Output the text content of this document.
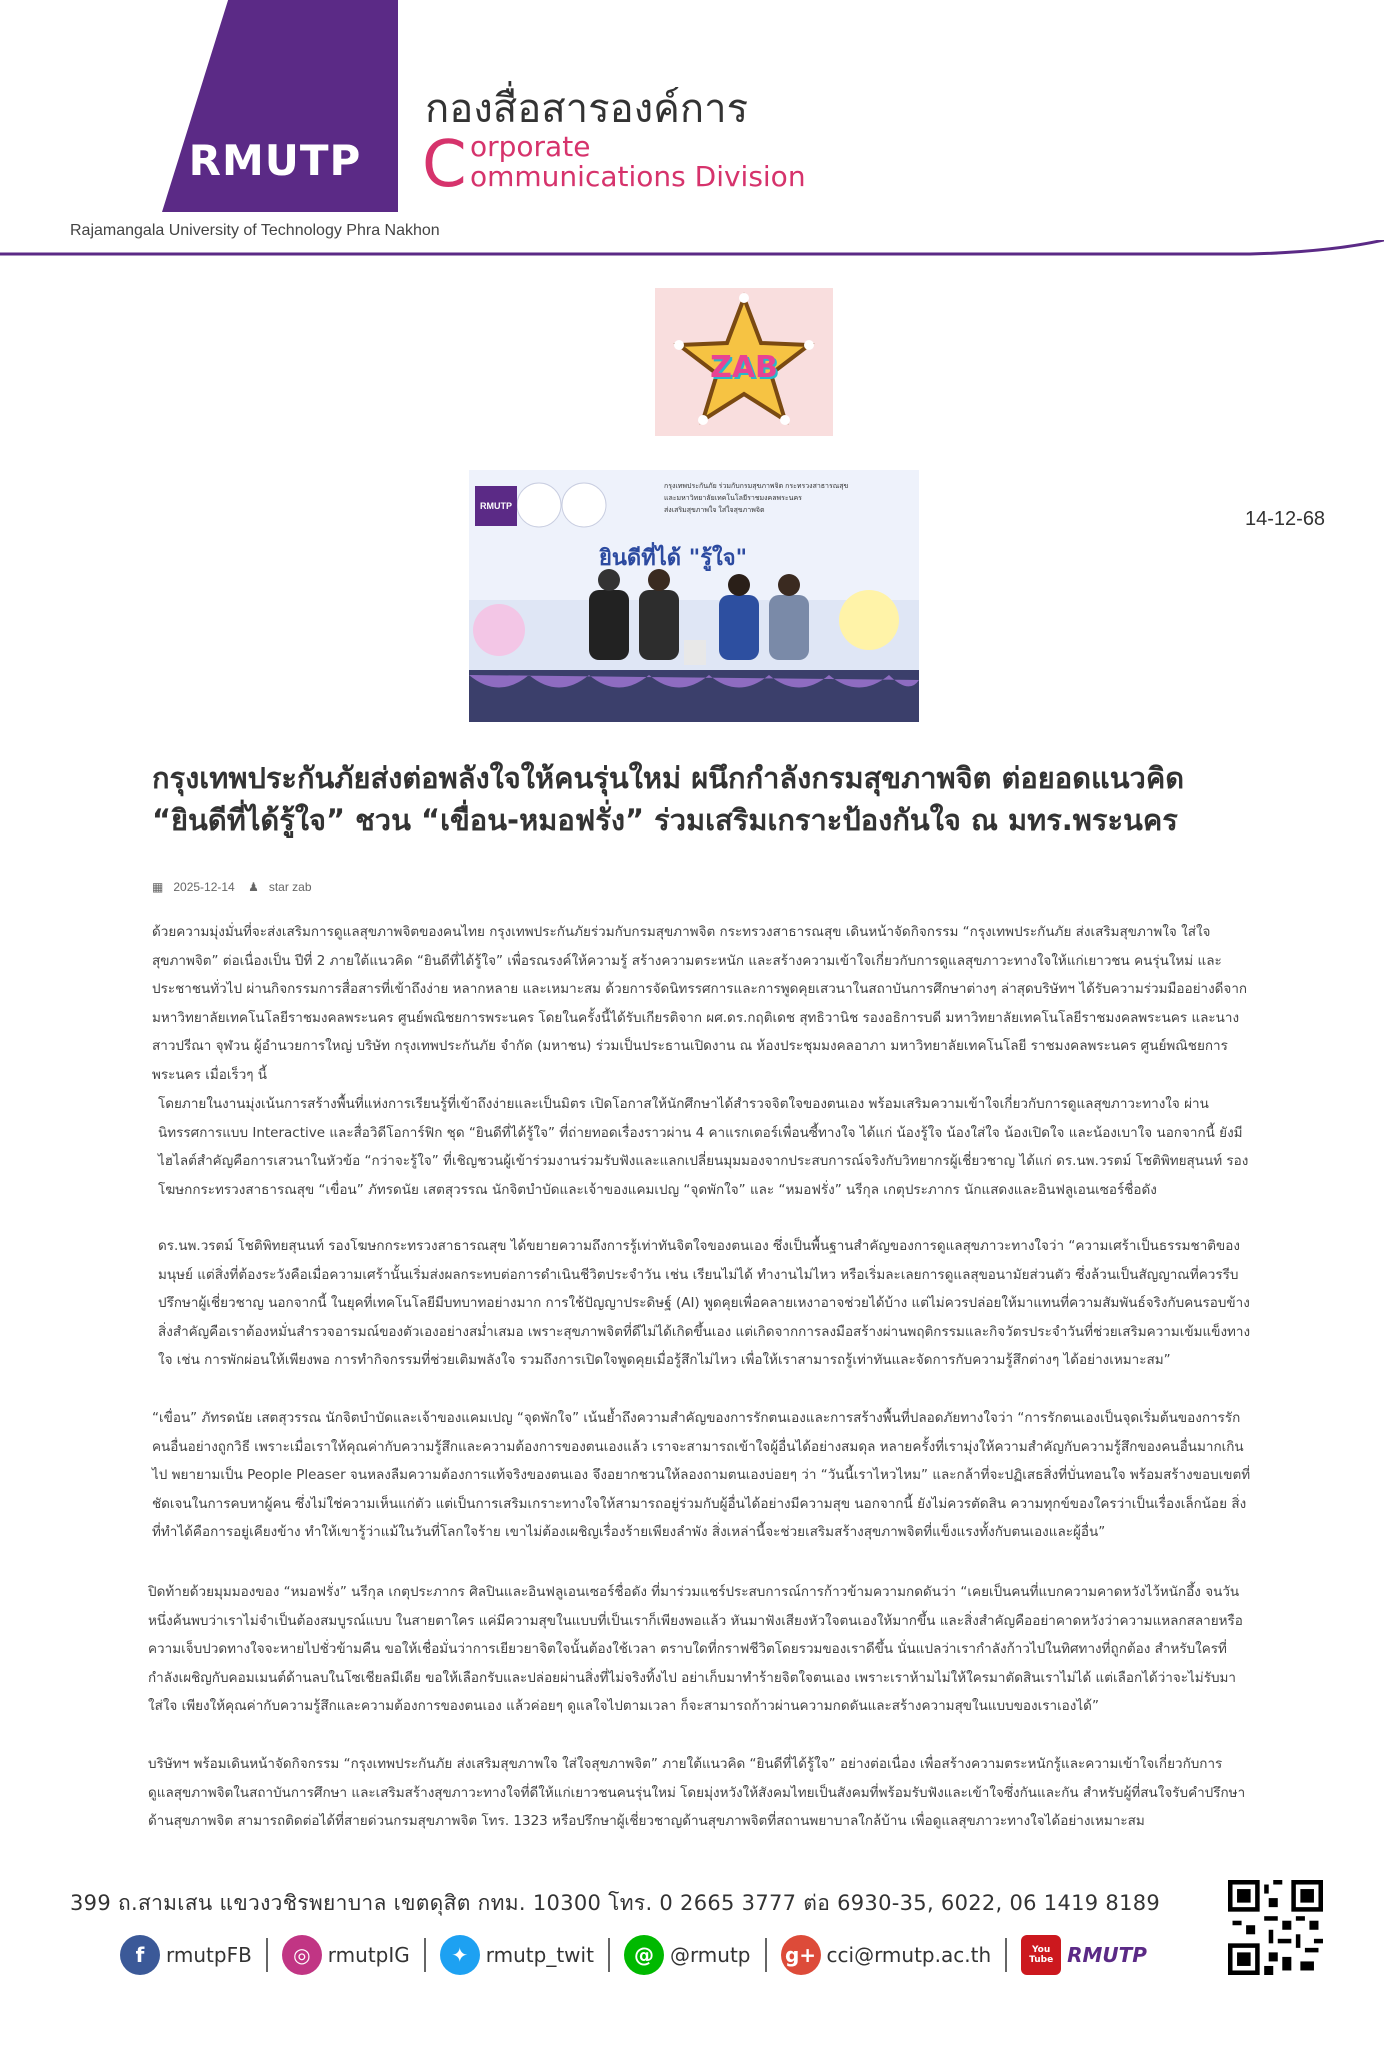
RMUTP
กองสื่อสารองค์การ
C orporate
ommunications Division
Rajamangala University of Technology Phra Nakhon
ZAB
14-12-68
RMUTP
กรุงเทพประกันภัย ร่วมกับกรมสุขภาพจิต กระทรวงสาธารณสุข
และมหาวิทยาลัยเทคโนโลยีราชมงคลพระนคร
ส่งเสริมสุขภาพใจ ใส่ใจสุขภาพจิต
ยินดีที่ได้ "รู้ใจ"
กรุงเทพประกันภัยส่งต่อพลังใจให้คนรุ่นใหม่ ผนึกกำลังกรมสุขภาพจิต ต่อยอดแนวคิด “ยินดีที่ได้รู้ใจ” ชวน “เขื่อน-หมอฟรั่ง” ร่วมเสริมเกราะป้องกันใจ ณ มทร.พระนคร
▦ 2025-12-14 ♟ star zab
ด้วยความมุ่งมั่นที่จะส่งเสริมการดูแลสุขภาพจิตของคนไทย กรุงเทพประกันภัยร่วมกับกรมสุขภาพจิต กระทรวงสาธารณสุข เดินหน้าจัดกิจกรรม “กรุงเทพประกันภัย ส่งเสริมสุขภาพใจ ใส่ใจสุขภาพจิต” ต่อเนื่องเป็น ปีที่ 2 ภายใต้แนวคิด “ยินดีที่ได้รู้ใจ” เพื่อรณรงค์ให้ความรู้ สร้างความตระหนัก และสร้างความเข้าใจเกี่ยวกับการดูแลสุขภาวะทางใจให้แก่เยาวชน คนรุ่นใหม่ และประชาชนทั่วไป ผ่านกิจกรรมการสื่อสารที่เข้าถึงง่าย หลากหลาย และเหมาะสม ด้วยการจัดนิทรรศการและการพูดคุยเสวนาในสถาบันการศึกษาต่างๆ ล่าสุดบริษัทฯ ได้รับความร่วมมืออย่างดีจากมหาวิทยาลัยเทคโนโลยีราชมงคลพระนคร ศูนย์พณิชยการพระนคร โดยในครั้งนี้ได้รับเกียรติจาก ผศ.ดร.กฤติเดช สุทธิวานิช รองอธิการบดี มหาวิทยาลัยเทคโนโลยีราชมงคลพระนคร และนางสาวปรีณา จุฬวน ผู้อำนวยการใหญ่ บริษัท กรุงเทพประกันภัย จำกัด (มหาชน) ร่วมเป็นประธานเปิดงาน ณ ห้องประชุมมงคลอาภา มหาวิทยาลัยเทคโนโลยี ราชมงคลพระนคร ศูนย์พณิชยการพระนคร เมื่อเร็วๆ นี้
โดยภายในงานมุ่งเน้นการสร้างพื้นที่แห่งการเรียนรู้ที่เข้าถึงง่ายและเป็นมิตร เปิดโอกาสให้นักศึกษาได้สำรวจจิตใจของตนเอง พร้อมเสริมความเข้าใจเกี่ยวกับการดูแลสุขภาวะทางใจ ผ่านนิทรรศการแบบ Interactive และสื่อวิดีโอการ์ฟิก ชุด “ยินดีที่ได้รู้ใจ” ที่ถ่ายทอดเรื่องราวผ่าน 4 คาแรกเตอร์เพื่อนซี้ทางใจ ได้แก่ น้องรู้ใจ น้องใส่ใจ น้องเปิดใจ และน้องเบาใจ นอกจากนี้ ยังมีไฮไลต์สำคัญคือการเสวนาในหัวข้อ “กว่าจะรู้ใจ” ที่เชิญชวนผู้เข้าร่วมงานร่วมรับฟังและแลกเปลี่ยนมุมมองจากประสบการณ์จริงกับวิทยากรผู้เชี่ยวชาญ ได้แก่ ดร.นพ.วรตม์ โชติพิทยสุนนท์ รองโฆษกกระทรวงสาธารณสุข “เขื่อน” ภัทรดนัย เสตสุวรรณ นักจิตบำบัดและเจ้าของแคมเปญ “จุดพักใจ” และ “หมอฟรั่ง” นรีกุล เกตุประภากร นักแสดงและอินฟลูเอนเซอร์ชื่อดัง
ดร.นพ.วรตม์ โชติพิทยสุนนท์ รองโฆษกกระทรวงสาธารณสุข ได้ขยายความถึงการรู้เท่าทันจิตใจของตนเอง ซึ่งเป็นพื้นฐานสำคัญของการดูแลสุขภาวะทางใจว่า “ความเศร้าเป็นธรรมชาติของมนุษย์ แต่สิ่งที่ต้องระวังคือเมื่อความเศร้านั้นเริ่มส่งผลกระทบต่อการดำเนินชีวิตประจำวัน เช่น เรียนไม่ได้ ทำงานไม่ไหว หรือเริ่มละเลยการดูแลสุขอนามัยส่วนตัว ซึ่งล้วนเป็นสัญญาณที่ควรรีบปรึกษาผู้เชี่ยวชาญ นอกจากนี้ ในยุคที่เทคโนโลยีมีบทบาทอย่างมาก การใช้ปัญญาประดิษฐ์ (AI) พูดคุยเพื่อคลายเหงาอาจช่วยได้บ้าง แต่ไม่ควรปล่อยให้มาแทนที่ความสัมพันธ์จริงกับคนรอบข้าง สิ่งสำคัญคือเราต้องหมั่นสำรวจอารมณ์ของตัวเองอย่างสม่ำเสมอ เพราะสุขภาพจิตที่ดีไม่ได้เกิดขึ้นเอง แต่เกิดจากการลงมือสร้างผ่านพฤติกรรมและกิจวัตรประจำวันที่ช่วยเสริมความเข้มแข็งทางใจ เช่น การพักผ่อนให้เพียงพอ การทำกิจกรรมที่ช่วยเติมพลังใจ รวมถึงการเปิดใจพูดคุยเมื่อรู้สึกไม่ไหว เพื่อให้เราสามารถรู้เท่าทันและจัดการกับความรู้สึกต่างๆ ได้อย่างเหมาะสม”
“เขื่อน” ภัทรดนัย เสตสุวรรณ นักจิตบำบัดและเจ้าของแคมเปญ “จุดพักใจ” เน้นย้ำถึงความสำคัญของการรักตนเองและการสร้างพื้นที่ปลอดภัยทางใจว่า “การรักตนเองเป็นจุดเริ่มต้นของการรักคนอื่นอย่างถูกวิธี เพราะเมื่อเราให้คุณค่ากับความรู้สึกและความต้องการของตนเองแล้ว เราจะสามารถเข้าใจผู้อื่นได้อย่างสมดุล หลายครั้งที่เรามุ่งให้ความสำคัญกับความรู้สึกของคนอื่นมากเกินไป พยายามเป็น People Pleaser จนหลงลืมความต้องการแท้จริงของตนเอง จึงอยากชวนให้ลองถามตนเองบ่อยๆ ว่า “วันนี้เราไหวไหม” และกล้าที่จะปฏิเสธสิ่งที่บั่นทอนใจ พร้อมสร้างขอบเขตที่ชัดเจนในการคบหาผู้คน ซึ่งไม่ใช่ความเห็นแก่ตัว แต่เป็นการเสริมเกราะทางใจให้สามารถอยู่ร่วมกับผู้อื่นได้อย่างมีความสุข นอกจากนี้ ยังไม่ควรตัดสิน ความทุกข์ของใครว่าเป็นเรื่องเล็กน้อย สิ่งที่ทำได้คือการอยู่เคียงข้าง ทำให้เขารู้ว่าแม้ในวันที่โลกใจร้าย เขาไม่ต้องเผชิญเรื่องร้ายเพียงลำพัง สิ่งเหล่านี้จะช่วยเสริมสร้างสุขภาพจิตที่แข็งแรงทั้งกับตนเองและผู้อื่น”
ปิดท้ายด้วยมุมมองของ “หมอฟรั่ง” นรีกุล เกตุประภากร ศิลปินและอินฟลูเอนเซอร์ชื่อดัง ที่มาร่วมแชร์ประสบการณ์การก้าวข้ามความกดดันว่า “เคยเป็นคนที่แบกความคาดหวังไว้หนักอึ้ง จนวันหนึ่งค้นพบว่าเราไม่จำเป็นต้องสมบูรณ์แบบ ในสายตาใคร แค่มีความสุขในแบบที่เป็นเราก็เพียงพอแล้ว หันมาฟังเสียงหัวใจตนเองให้มากขึ้น และสิ่งสำคัญคืออย่าคาดหวังว่าความแหลกสลายหรือความเจ็บปวดทางใจจะหายไปชั่วข้ามคืน ขอให้เชื่อมั่นว่าการเยียวยาจิตใจนั้นต้องใช้เวลา ตราบใดที่กราฟชีวิตโดยรวมของเราดีขึ้น นั่นแปลว่าเรากำลังก้าวไปในทิศทางที่ถูกต้อง สำหรับใครที่กำลังเผชิญกับคอมเมนต์ด้านลบในโซเชียลมีเดีย ขอให้เลือกรับและปล่อยผ่านสิ่งที่ไม่จริงทิ้งไป อย่าเก็บมาทำร้ายจิตใจตนเอง เพราะเราห้ามไม่ให้ใครมาตัดสินเราไม่ได้ แต่เลือกได้ว่าจะไม่รับมาใส่ใจ เพียงให้คุณค่ากับความรู้สึกและความต้องการของตนเอง แล้วค่อยๆ ดูแลใจไปตามเวลา ก็จะสามารถก้าวผ่านความกดดันและสร้างความสุขในแบบของเราเองได้”
บริษัทฯ พร้อมเดินหน้าจัดกิจกรรม “กรุงเทพประกันภัย ส่งเสริมสุขภาพใจ ใส่ใจสุขภาพจิต” ภายใต้แนวคิด “ยินดีที่ได้รู้ใจ” อย่างต่อเนื่อง เพื่อสร้างความตระหนักรู้และความเข้าใจเกี่ยวกับการดูแลสุขภาพจิตในสถาบันการศึกษา และเสริมสร้างสุขภาวะทางใจที่ดีให้แก่เยาวชนคนรุ่นใหม่ โดยมุ่งหวังให้สังคมไทยเป็นสังคมที่พร้อมรับฟังและเข้าใจซึ่งกันและกัน สำหรับผู้ที่สนใจรับคำปรึกษาด้านสุขภาพจิต สามารถติดต่อได้ที่สายด่วนกรมสุขภาพจิต โทร. 1323 หรือปรึกษาผู้เชี่ยวชาญด้านสุขภาพจิตที่สถานพยาบาลใกล้บ้าน เพื่อดูแลสุขภาวะทางใจได้อย่างเหมาะสม
399 ถ.สามเสน แขวงวชิรพยาบาล เขตดุสิต กทม. 10300 โทร. 0 2665 3777 ต่อ 6930-35, 6022, 06 1419 8189
f	rmutpFB	◎ rmutpIG	✦ rmutp_twit	@ @rmutp g+ cci@rmutp.ac.th	You Tube RMUTP
